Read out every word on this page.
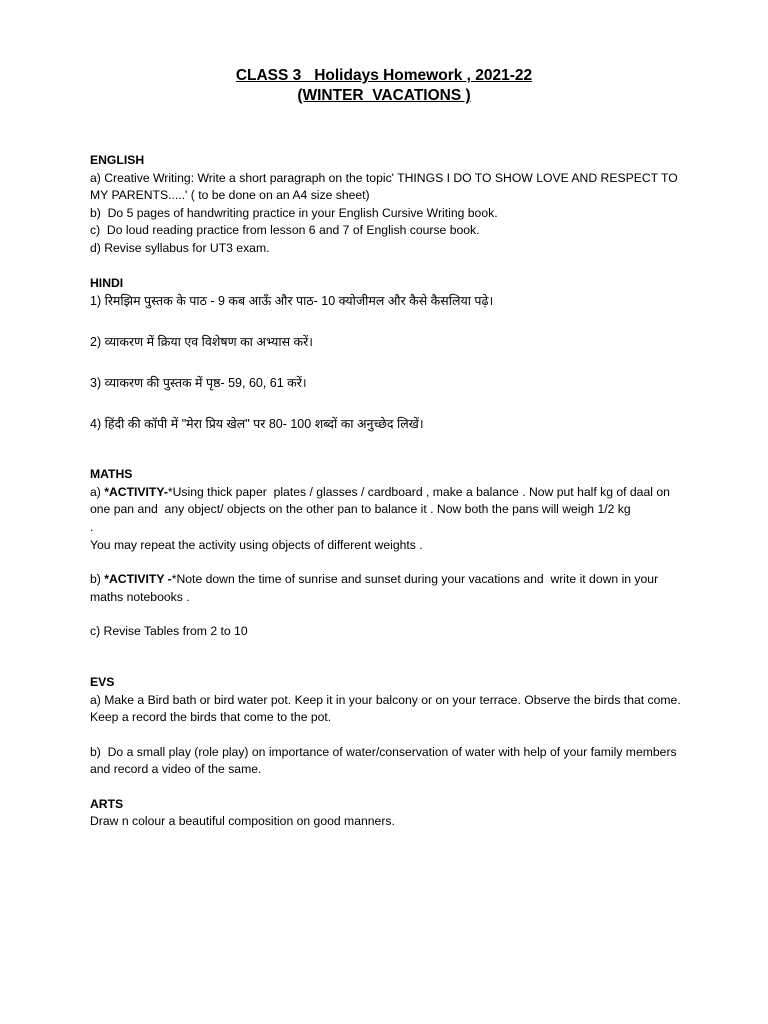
CLASS 3   Holidays Homework , 2021-22
(WINTER  VACATIONS )
ENGLISH
a) Creative Writing: Write a short paragraph on the topic' THINGS I DO TO SHOW LOVE AND RESPECT TO MY PARENTS.....' ( to be done on an A4 size sheet)
b)  Do 5 pages of handwriting practice in your English Cursive Writing book.
c)  Do loud reading practice from lesson 6 and 7 of English course book.
d) Revise syllabus for UT3 exam.
HINDI
1) रिमझिम पुस्तक के पाठ - 9 कब आऊँ और पाठ- 10 क्योजीमल और कैसे कैसलिया पढ़े।
2) व्याकरण में क्रिया एव विशेषण का अभ्यास करें।
3) व्याकरण की पुस्तक में पृष्ठ- 59, 60, 61 करें।
4) हिंदी की कॉपी में "मेरा प्रिय खेल" पर 80- 100 शब्दों का अनुच्छेद लिखें।
MATHS
a) *ACTIVITY-*Using thick paper  plates / glasses / cardboard , make a balance . Now put half kg of daal on one pan and  any object/ objects on the other pan to balance it . Now both the pans will weigh 1/2 kg
.
You may repeat the activity using objects of different weights .
b) *ACTIVITY -*Note down the time of sunrise and sunset during your vacations and  write it down in your maths notebooks .
c) Revise Tables from 2 to 10
EVS
a) Make a Bird bath or bird water pot. Keep it in your balcony or on your terrace. Observe the birds that come. Keep a record the birds that come to the pot.
b)  Do a small play (role play) on importance of water/conservation of water with help of your family members and record a video of the same.
ARTS
Draw n colour a beautiful composition on good manners.
